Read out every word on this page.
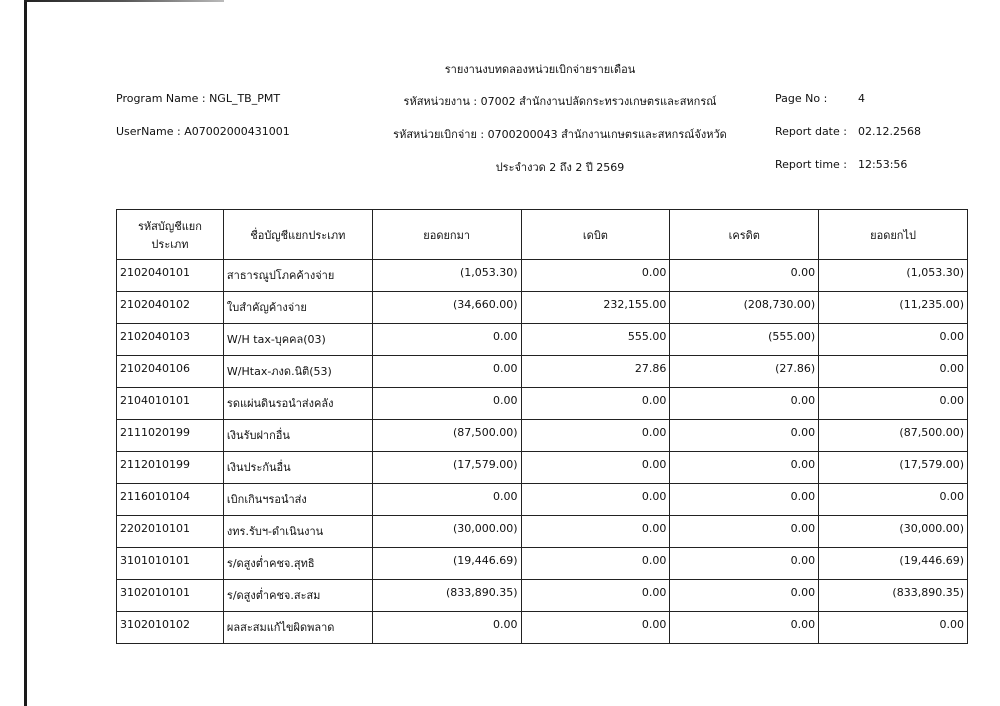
รายงานงบทดลองหน่วยเบิกจ่ายรายเดือน
Program Name : NGL_TB_PMT
UserName : A07002000431001
รหัสหน่วยงาน : 07002 สำนักงานปลัดกระทรวงเกษตรและสหกรณ์
รหัสหน่วยเบิกจ่าย : 0700200043 สำนักงานเกษตรและสหกรณ์จังหวัด
ประจำงวด 2 ถึง 2 ปี 2569
Page No :	4
Report date : 02.12.2568
Report time : 12:53:56
รหัสบัญชีแยกประเภท	ชื่อบัญชีแยกประเภท	ยอดยกมา	เดบิต	เครดิต	ยอดยกไป
2102040101	สาธารณูปโภคค้างจ่าย	(1,053.30)	0.00	0.00	(1,053.30)
2102040102	ใบสำคัญค้างจ่าย	(34,660.00)	232,155.00	(208,730.00)	(11,235.00)
2102040103	W/H tax-บุคคล(03)	0.00	555.00	(555.00)	0.00
2102040106	W/Htax-ภงด.นิติ(53)	0.00	27.86	(27.86)	0.00
2104010101	รดแผ่นดินรอนำส่งคลัง	0.00	0.00	0.00	0.00
2111020199	เงินรับฝากอื่น	(87,500.00)	0.00	0.00	(87,500.00)
2112010199	เงินประกันอื่น	(17,579.00)	0.00	0.00	(17,579.00)
2116010104	เบิกเกินฯรอนำส่ง	0.00	0.00	0.00	0.00
2202010101	งทร.รับฯ-ดำเนินงาน	(30,000.00)	0.00	0.00	(30,000.00)
3101010101	ร/ดสูงต่ำคชจ.สุทธิ	(19,446.69)	0.00	0.00	(19,446.69)
3102010101	ร/ดสูงต่ำคชจ.สะสม	(833,890.35)	0.00	0.00	(833,890.35)
3102010102	ผลสะสมแก้ไขผิดพลาด	0.00	0.00	0.00	0.00
